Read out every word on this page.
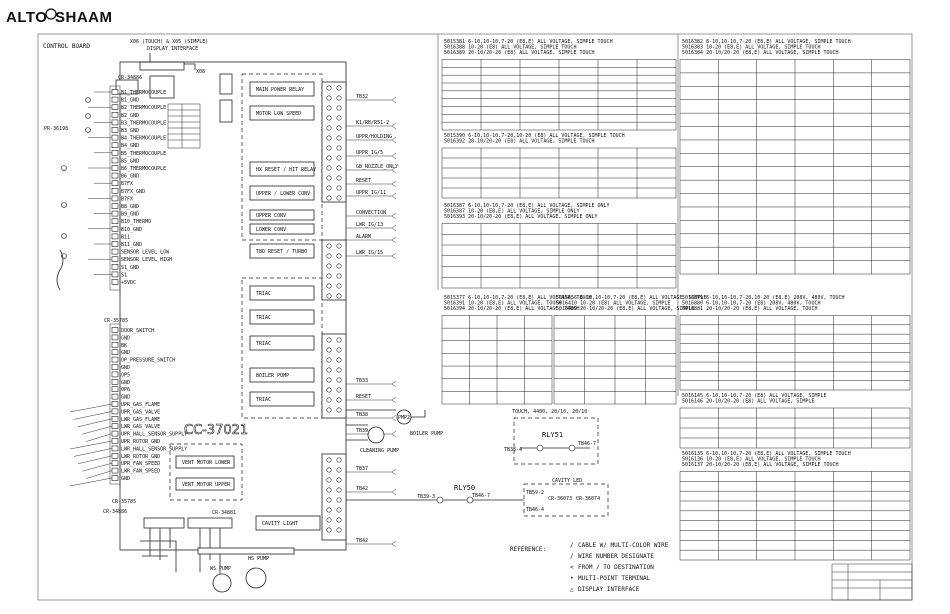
ALTO SHAAM
CONTROL BOARD
X06 (TOUCH) & X05 (SIMPLE)
DISPLAY INTERFACE
X08
CR-34886
PR-36198
CR-35785
CR-34886
B1_THERMOCOUPLE
B1_GND
B2_THERMOCOUPLE
B2_GND
B3_THERMOCOUPLE
B3_GND
B4_THERMOCOUPLE
B4_GND
B5_THERMOCOUPLE
B5_GND
B6_THERMOCOUPLE
B6_GND
B7FX
B7FX_GND
B7FX
B8_GND
B9_GND
B10_THERMO
B10_GND
B11
B11_GND
SENSOR LEVEL LOW
SENSOR LEVEL HIGH
S1_GND
S1
+5VDC
DOOR_SWITCH
GND
BK
GND
OP_PRESSURE_SWITCH
GND
OP5
GND
OP6
GND
UPR_GAS_FLAME
UPR_GAS_VALVE
LWR_GAS_FLAME
LWR_GAS_VALVE
UPR_HALL_SENSOR_SUPPLY
UPR_ROTOR_GND
LWR_HALL_SENSOR_SUPPLY
LWR_ROTOR_GND
UPR_FAN_SPEED
LWR_FAN_SPEED
GND
MAIN POWER RELAY
MOTOR LOW SPEED
HX RESET / HIT RELAY
UPPER / LOWER CONV
UPPER CONV
LOWER CONV
TBD RESET / TURBO
TRIAC
TRIAC
TRIAC
BOILER PUMP
TRIAC
VENT MOTOR LOWER
VENT MOTOR UPPER
CAVITY LIGHT
CC-37021
TB32
K1/RB/R51-2
UPPR/HOLDING
UPPR_IG/5
GB_NOZZLE_ONLY
RESET
UPPR_IG/11
CONVECTION
LWR_IG/13
ALARM
LWR_IG/15
TB33
RESET
TB38
TB39
TB37
TB42
TB42
CR-34881
CR-35785
WS PUMP
HS PUMP
PMP2
BOILER PUMP
CLEANING PUMP
TOUCH, 4400, 20/10, 20/10
RLY51
TB38-4
TB46-7
RLY50
TB39-3	TB46-7
CAVITY LED
TB59-2
TB46-4
CR-36074
CR-36073
REFERENCE:
/ CABLE W/ MULTI-COLOR WIRE
/ WIRE NUMBER DESIGNATE
< FROM / TO DESTINATION
• MULTI-POINT TERMINAL
△ DISPLAY INTERFACE
5015381 6-10,10-10,7-20 (E8,E) ALL VOLTAGE, SIMPLE TOUCH
5016388 10-20 (E8) ALL VOLTAGE, SIMPLE TOUCH
5016389 20-10/20-20 (E8) ALL VOLTAGE, SIMPLE TOUCH
5015390 6-10,10-10,7-20,10-20 (E8) ALL VOLTAGE, SIMPLE TOUCH
5016392 20-10/20-20 (E8) ALL VOLTAGE, SIMPLE TOUCH
5016387 6-10,10-10,7-20 (E8,E) ALL VOLTAGE, SIMPLE ONLY
5016387 10-20 (E8,E) ALL VOLTAGE, SIMPLE ONLY
5016393 20-10/20-20 (E8,E) ALL VOLTAGE, SIMPLE ONLY
5015377 6-10,10-10,7-20 (E8,E) ALL VOLTAGE, TOUCH
5016391 10-20 (E8,E) ALL VOLTAGE, TOUCH
5016394 20-10/20-20 (E8,E) ALL VOLTAGE, TOUCH
5015456 6-10,10-10,7-20 (E8,E) ALL VOLTAGE, SIMPLE
5016410 10-20 (E8) ALL VOLTAGE, SIMPLE
5016409 20-10/20-20 (E8,E) ALL VOLTAGE, SIMPLE
5016382 6-10,10-10,7-20 (E8,E) ALL VOLTAGE, SIMPLE TOUCH
5016383 10-20 (E8,E) ALL VOLTAGE, SIMPLE TOUCH
5016384 20-10/20-20 (E8,E) ALL VOLTAGE, SIMPLE TOUCH
5016879 6-10,10-10,7-20,10-20 (E8,E) 208V, 480V, TOUCH
5016880 6-10,10-10,7-20 (E8) 208V, 480V, TOUCH
5016881 20-10/20-20 (E8,E) ALL VOLTAGE, TOUCH
5016145 6-10,10-10,7-20 (E8) ALL VOLTAGE, SIMPLE
5016146 20-10/20-20 (E8) ALL VOLTAGE, SIMPLE
5016135 6-10,10-10,7-20 (E8,E) ALL VOLTAGE, SIMPLE TOUCH
5016136 10-20 (E8,E) ALL VOLTAGE, SIMPLE TOUCH
5016137 20-10/20-20 (E8,E) ALL VOLTAGE, SIMPLE TOUCH
